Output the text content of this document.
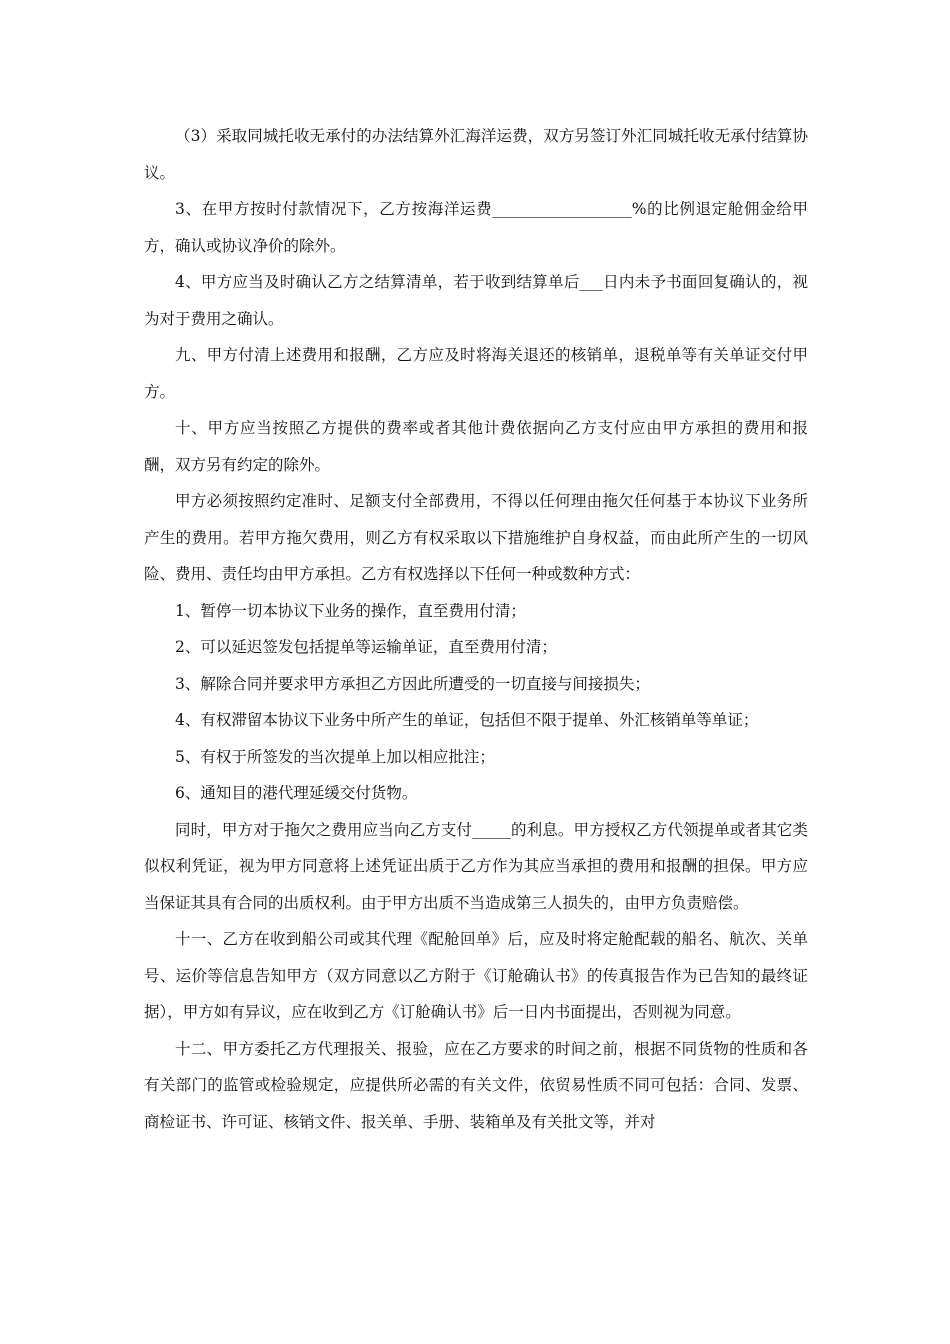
（3）采取同城托收无承付的办法结算外汇海洋运费，双方另签订外汇同城托收无承付结算协议。

3、在甲方按时付款情况下，乙方按海洋运费__________________%的比例退定舱佣金给甲方，确认或协议净价的除外。

4、甲方应当及时确认乙方之结算清单，若于收到结算单后___日内未予书面回复确认的，视为对于费用之确认。

九、甲方付清上述费用和报酬，乙方应及时将海关退还的核销单，退税单等有关单证交付甲方。

十、甲方应当按照乙方提供的费率或者其他计费依据向乙方支付应由甲方承担的费用和报酬，双方另有约定的除外。

甲方必须按照约定准时、足额支付全部费用，不得以任何理由拖欠任何基于本协议下业务所产生的费用。若甲方拖欠费用，则乙方有权采取以下措施维护自身权益，而由此所产生的一切风险、费用、责任均由甲方承担。乙方有权选择以下任何一种或数种方式：

1、暂停一切本协议下业务的操作，直至费用付清；

2、可以延迟签发包括提单等运输单证，直至费用付清；

3、解除合同并要求甲方承担乙方因此所遭受的一切直接与间接损失；

4、有权滞留本协议下业务中所产生的单证，包括但不限于提单、外汇核销单等单证；

5、有权于所签发的当次提单上加以相应批注；

6、通知目的港代理延缓交付货物。

同时，甲方对于拖欠之费用应当向乙方支付_____的利息。甲方授权乙方代领提单或者其它类似权利凭证，视为甲方同意将上述凭证出质于乙方作为其应当承担的费用和报酬的担保。甲方应当保证其具有合同的出质权利。由于甲方出质不当造成第三人损失的，由甲方负责赔偿。

十一、乙方在收到船公司或其代理《配舱回单》后，应及时将定舱配载的船名、航次、关单号、运价等信息告知甲方（双方同意以乙方附于《订舱确认书》的传真报告作为已告知的最终证据），甲方如有异议，应在收到乙方《订舱确认书》后一日内书面提出，否则视为同意。

十二、甲方委托乙方代理报关、报验，应在乙方要求的时间之前，根据不同货物的性质和各有关部门的监管或检验规定，应提供所必需的有关文件，依贸易性质不同可包括：合同、发票、商检证书、许可证、核销文件、报关单、手册、装箱单及有关批文等，并对
